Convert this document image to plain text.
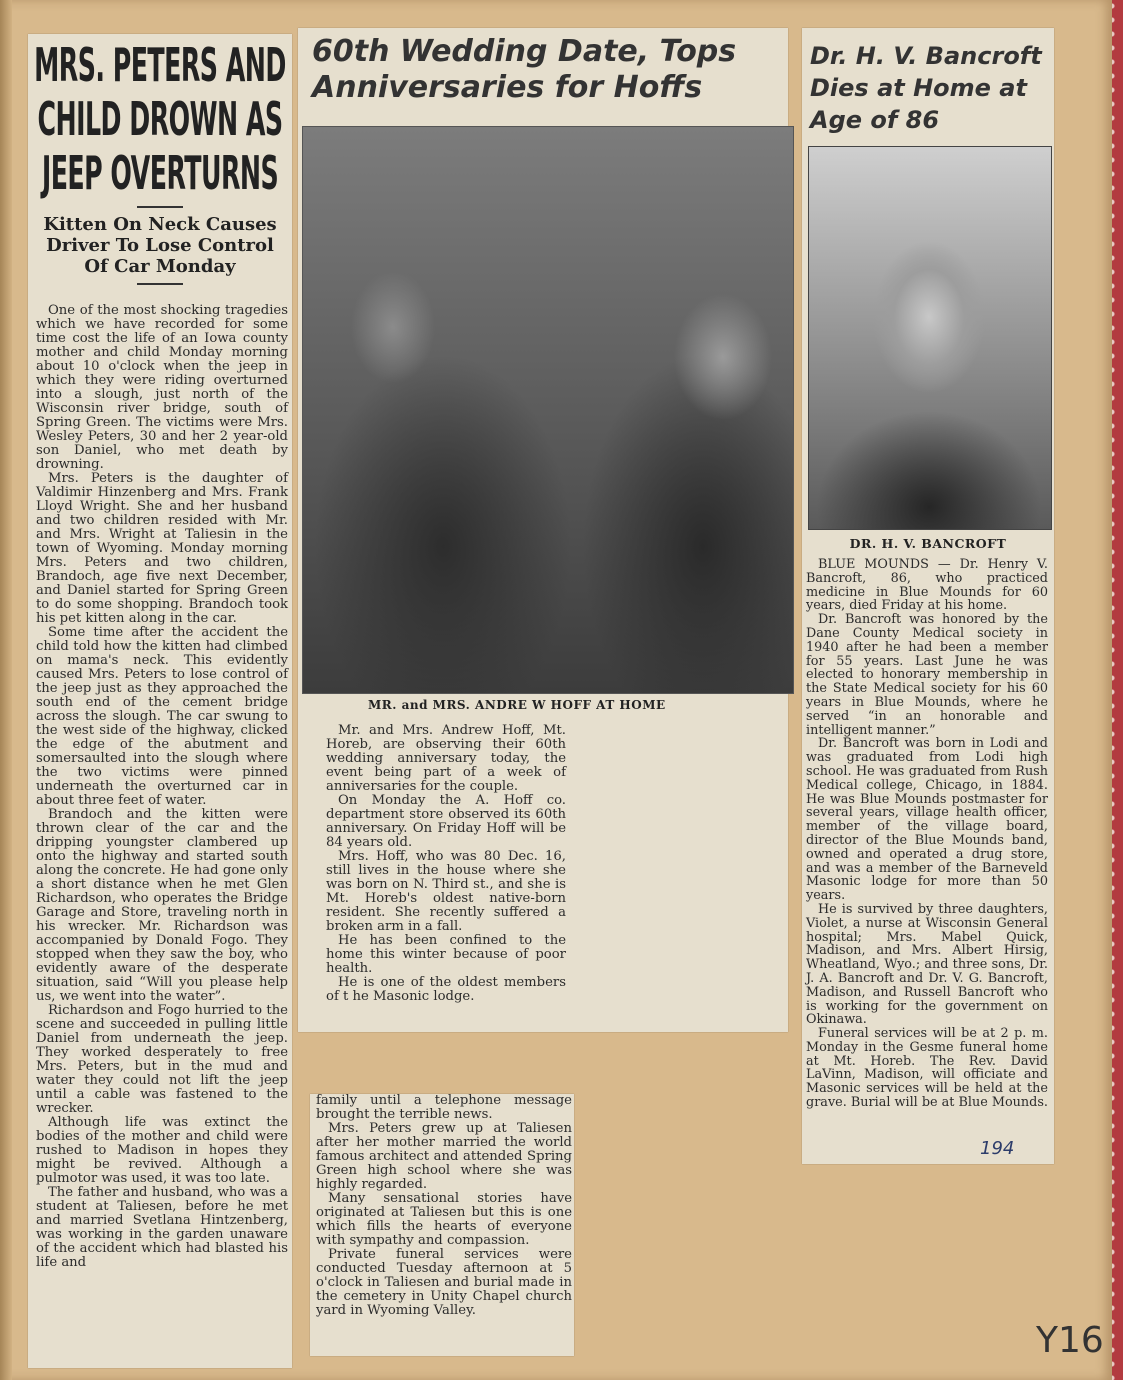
MRS. PETERS AND CHILD DROWN AS JEEP OVERTURNS
Kitten On Neck Causes Driver To Lose Control Of Car Monday

One of the most shocking tragedies which we have recorded for some time cost the life of an Iowa county mother and child Monday morning about 10 o'clock when the jeep in which they were riding overturned into a slough, just north of the Wisconsin river bridge, south of Spring Green. The victims were Mrs. Wesley Peters, 30 and her 2 year-old son Daniel, who met death by drowning.

Mrs. Peters is the daughter of Valdimir Hinzenberg and Mrs. Frank Lloyd Wright. She and her husband and two children resided with Mr. and Mrs. Wright at Taliesin in the town of Wyoming. Monday morning Mrs. Peters and two children, Brandoch, age five next December, and Daniel started for Spring Green to do some shopping. Brandoch took his pet kitten along in the car.

Some time after the accident the child told how the kitten had climbed on mama's neck. This evidently caused Mrs. Peters to lose control of the jeep just as they approached the south end of the cement bridge across the slough. The car swung to the west side of the highway, clicked the edge of the abutment and somersaulted into the slough where the two victims were pinned underneath the overturned car in about three feet of water.

Brandoch and the kitten were thrown clear of the car and the dripping youngster clambered up onto the highway and started south along the concrete. He had gone only a short distance when he met Glen Richardson, who operates the Bridge Garage and Store, traveling north in his wrecker. Mr. Richardson was accompanied by Donald Fogo. They stopped when they saw the boy, who evidently aware of the desperate situation, said “Will you please help us, we went into the water”.

Richardson and Fogo hurried to the scene and succeeded in pulling little Daniel from underneath the jeep. They worked desperately to free Mrs. Peters, but in the mud and water they could not lift the jeep until a cable was fastened to the wrecker.

Although life was extinct the bodies of the mother and child were rushed to Madison in hopes they might be revived. Although a pulmotor was used, it was too late.

The father and husband, who was a student at Taliesen, before he met and married Svetlana Hintzenberg, was working in the garden unaware of the accident which had blasted his life and

60th Wedding Date, Tops Anniversaries for Hoffs
MR. and MRS. ANDRE W HOFF AT HOME

Mr. and Mrs. Andrew Hoff, Mt. Horeb, are observing their 60th wedding anniversary today, the event being part of a week of anniversaries for the couple.

On Monday the A. Hoff co. department store observed its 60th anniversary. On Friday Hoff will be 84 years old.

Mrs. Hoff, who was 80 Dec. 16, still lives in the house where she was born on N. Third st., and she is Mt. Horeb's oldest native-born resident. She recently suffered a broken arm in a fall.

He has been confined to the home this winter because of poor health.

He is one of the oldest members of t he Masonic lodge.

family until a telephone message brought the terrible news.

Mrs. Peters grew up at Taliesen after her mother married the world famous architect and attended Spring Green high school where she was highly regarded.

Many sensational stories have originated at Taliesen but this is one which fills the hearts of everyone with sympathy and compassion.

Private funeral services were conducted Tuesday afternoon at 5 o'clock in Taliesen and burial made in the cemetery in Unity Chapel church yard in Wyoming Valley.

Dr. H. V. Bancroft Dies at Home at Age of 86
DR. H. V. BANCROFT

BLUE MOUNDS — Dr. Henry V. Bancroft, 86, who practiced medicine in Blue Mounds for 60 years, died Friday at his home.

Dr. Bancroft was honored by the Dane County Medical society in 1940 after he had been a member for 55 years. Last June he was elected to honorary membership in the State Medical society for his 60 years in Blue Mounds, where he served “in an honorable and intelligent manner.”

Dr. Bancroft was born in Lodi and was graduated from Lodi high school. He was graduated from Rush Medical college, Chicago, in 1884. He was Blue Mounds postmaster for several years, village health officer, member of the village board, director of the Blue Mounds band, owned and operated a drug store, and was a member of the Barneveld Masonic lodge for more than 50 years.

He is survived by three daughters, Violet, a nurse at Wisconsin General hospital; Mrs. Mabel Quick, Madison, and Mrs. Albert Hirsig, Wheatland, Wyo.; and three sons, Dr. J. A. Bancroft and Dr. V. G. Bancroft, Madison, and Russell Bancroft who is working for the government on Okinawa.

Funeral services will be at 2 p. m. Monday in the Gesme funeral home at Mt. Horeb. The Rev. David LaVinn, Madison, will officiate and Masonic services will be held at the grave. Burial will be at Blue Mounds.

194
Y16
